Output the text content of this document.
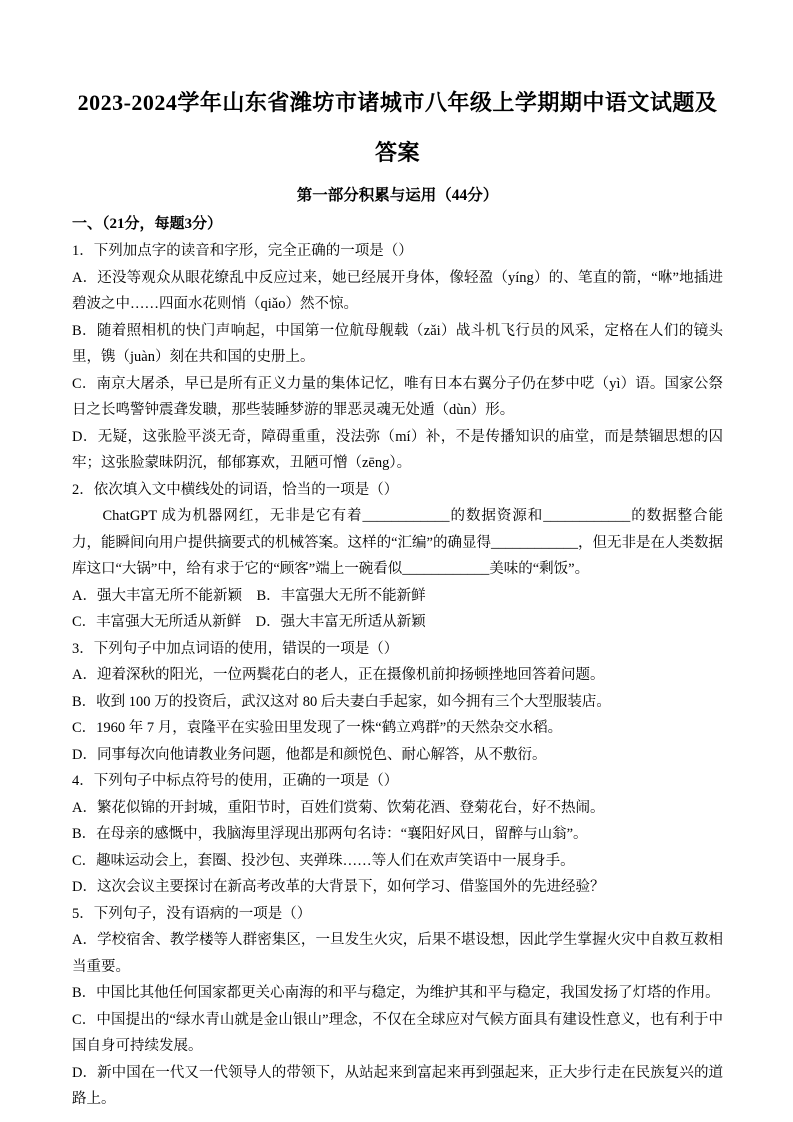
2023-2024学年山东省潍坊市诸城市八年级上学期期中语文试题及答案
第一部分积累与运用（44分）
一、（21分，每题3分）

1．下列加点字的读音和字形，完全正确的一项是（）

A．还没等观众从眼花缭乱中反应过来，她已经展开身体，像轻盈（yíng）的、笔直的箭，“咻”地插进碧波之中……四面水花则悄（qiǎo）然不惊。

B．随着照相机的快门声响起，中国第一位航母舰载（zǎi）战斗机飞行员的风采，定格在人们的镜头里，镌（juàn）刻在共和国的史册上。

C．南京大屠杀，早已是所有正义力量的集体记忆，唯有日本右翼分子仍在梦中呓（yì）语。国家公祭日之长鸣警钟震聋发聩，那些装睡梦游的罪恶灵魂无处遁（dùn）形。

D．无疑，这张脸平淡无奇，障碍重重，没法弥（mí）补，不是传播知识的庙堂，而是禁锢思想的囚牢；这张脸蒙昧阴沉，郁郁寡欢，丑陋可憎（zēng）。

2．依次填入文中横线处的词语，恰当的一项是（）

ChatGPT 成为机器网红，无非是它有着____________的数据资源和____________的数据整合能力，能瞬间向用户提供摘要式的机械答案。这样的“汇编”的确显得____________，但无非是在人类数据库这口“大锅”中，给有求于它的“顾客”端上一碗看似____________美味的“剩饭”。

A．强大丰富无所不能新颖　B．丰富强大无所不能新鲜

C．丰富强大无所适从新鲜　D．强大丰富无所适从新颖

3．下列句子中加点词语的使用，错误的一项是（）

A．迎着深秋的阳光，一位两鬓花白的老人，正在摄像机前抑扬顿挫地回答着问题。

B．收到 100 万的投资后，武汉这对 80 后夫妻白手起家，如今拥有三个大型服装店。

C．1960 年 7 月，袁隆平在实验田里发现了一株“鹤立鸡群”的天然杂交水稻。

D．同事每次向他请教业务问题，他都是和颜悦色、耐心解答，从不敷衍。

4．下列句子中标点符号的使用，正确的一项是（）

A．繁花似锦的开封城，重阳节时，百姓们赏菊、饮菊花酒、登菊花台，好不热闹。

B．在母亲的感慨中，我脑海里浮现出那两句名诗：“襄阳好风日，留醉与山翁”。

C．趣味运动会上，套圈、投沙包、夹弹珠……等人们在欢声笑语中一展身手。

D．这次会议主要探讨在新高考改革的大背景下，如何学习、借鉴国外的先进经验？

5．下列句子，没有语病的一项是（）

A．学校宿舍、教学楼等人群密集区，一旦发生火灾，后果不堪设想，因此学生掌握火灾中自救互救相当重要。

B．中国比其他任何国家都更关心南海的和平与稳定，为维护其和平与稳定，我国发扬了灯塔的作用。

C．中国提出的“绿水青山就是金山银山”理念，不仅在全球应对气候方面具有建设性意义，也有利于中国自身可持续发展。

D．新中国在一代又一代领导人的带领下，从站起来到富起来再到强起来，正大步行走在民族复兴的道路上。
